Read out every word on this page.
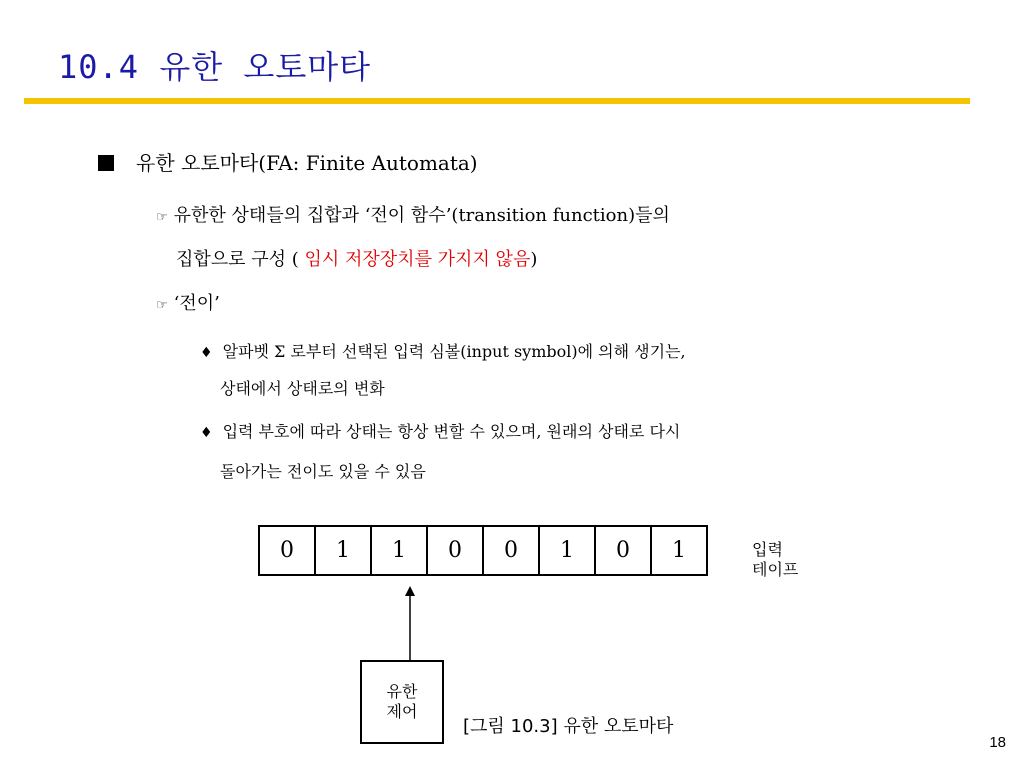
10.4 유한 오토마타
유한 오토마타(FA: Finite Automata)
☞ 유한한 상태들의 집합과 ‘전이 함수’(transition function)들의
집합으로 구성 ( 임시 저장장치를 가지지 않음)
☞ ‘전이’
♦ 알파벳 Σ 로부터 선택된 입력 심볼(input symbol)에 의해 생기는,
상태에서 상태로의 변화
♦ 입력 부호에 따라 상태는 항상 변할 수 있으며, 원래의 상태로 다시
돌아가는 전이도 있을 수 있음
0	1	1	0	0	1	0	1	입력
테이프
유한
제어
[그림 10.3] 유한 오토마타
18
